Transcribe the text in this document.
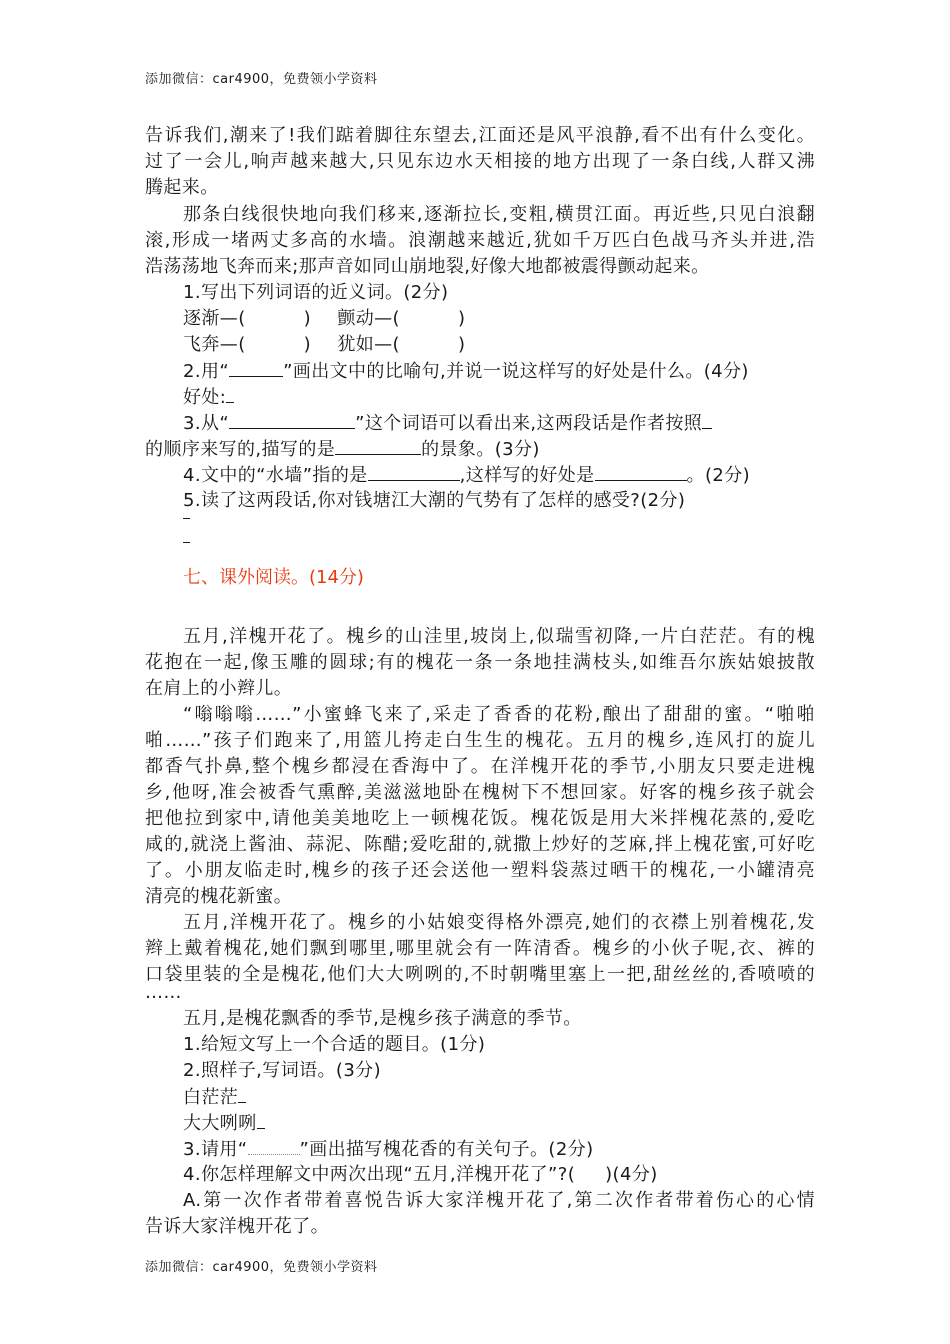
添加微信：car4900，免费领小学资料
告诉我们,潮来了!我们踮着脚往东望去,江面还是风平浪静,看不出有什么变化。
过了一会儿,响声越来越大,只见东边水天相接的地方出现了一条白线,人群又沸
腾起来。
那条白线很快地向我们移来,逐渐拉长,变粗,横贯江面。再近些,只见白浪翻
滚,形成一堵两丈多高的水墙。浪潮越来越近,犹如千万匹白色战马齐头并进,浩
浩荡荡地飞奔而来;那声音如同山崩地裂,好像大地都被震得颤动起来。
1.写出下列词语的近义词。(2分)
逐渐—(	) 颤动—(	)
飞奔—(	) 犹如—(	)
2.用“	”画出文中的比喻句,并说一说这样写的好处是什么。(4分)
好处:
3.从“	”这个词语可以看出来,这两段话是作者按照
的顺序来写的,描写的是	的景象。(3分)
4.文中的“水墙”指的是	,这样写的好处是	。(2分)
5.读了这两段话,你对钱塘江大潮的气势有了怎样的感受?(2分)
七、课外阅读。(14分)
五月,洋槐开花了。槐乡的山洼里,坡岗上,似瑞雪初降,一片白茫茫。有的槐
花抱在一起,像玉雕的圆球;有的槐花一条一条地挂满枝头,如维吾尔族姑娘披散
在肩上的小辫儿。
“嗡嗡嗡……”小蜜蜂飞来了,采走了香香的花粉,酿出了甜甜的蜜。“啪啪
啪……”孩子们跑来了,用篮儿挎走白生生的槐花。五月的槐乡,连风打的旋儿
都香气扑鼻,整个槐乡都浸在香海中了。在洋槐开花的季节,小朋友只要走进槐
乡,他呀,准会被香气熏醉,美滋滋地卧在槐树下不想回家。好客的槐乡孩子就会
把他拉到家中,请他美美地吃上一顿槐花饭。槐花饭是用大米拌槐花蒸的,爱吃
咸的,就浇上酱油、蒜泥、陈醋;爱吃甜的,就撒上炒好的芝麻,拌上槐花蜜,可好吃
了。小朋友临走时,槐乡的孩子还会送他一塑料袋蒸过晒干的槐花,一小罐清亮
清亮的槐花新蜜。
五月,洋槐开花了。槐乡的小姑娘变得格外漂亮,她们的衣襟上别着槐花,发
辫上戴着槐花,她们飘到哪里,哪里就会有一阵清香。槐乡的小伙子呢,衣、裤的
口袋里装的全是槐花,他们大大咧咧的,不时朝嘴里塞上一把,甜丝丝的,香喷喷的
……
五月,是槐花飘香的季节,是槐乡孩子满意的季节。
1.给短文写上一个合适的题目。(1分)
2.照样子,写词语。(3分)
白茫茫
大大咧咧
3.请用“	”画出描写槐花香的有关句子。(2分)
4.你怎样理解文中两次出现“五月,洋槐开花了”?( )(4分)
A.第一次作者带着喜悦告诉大家洋槐开花了,第二次作者带着伤心的心情
告诉大家洋槐开花了。
添加微信：car4900，免费领小学资料
